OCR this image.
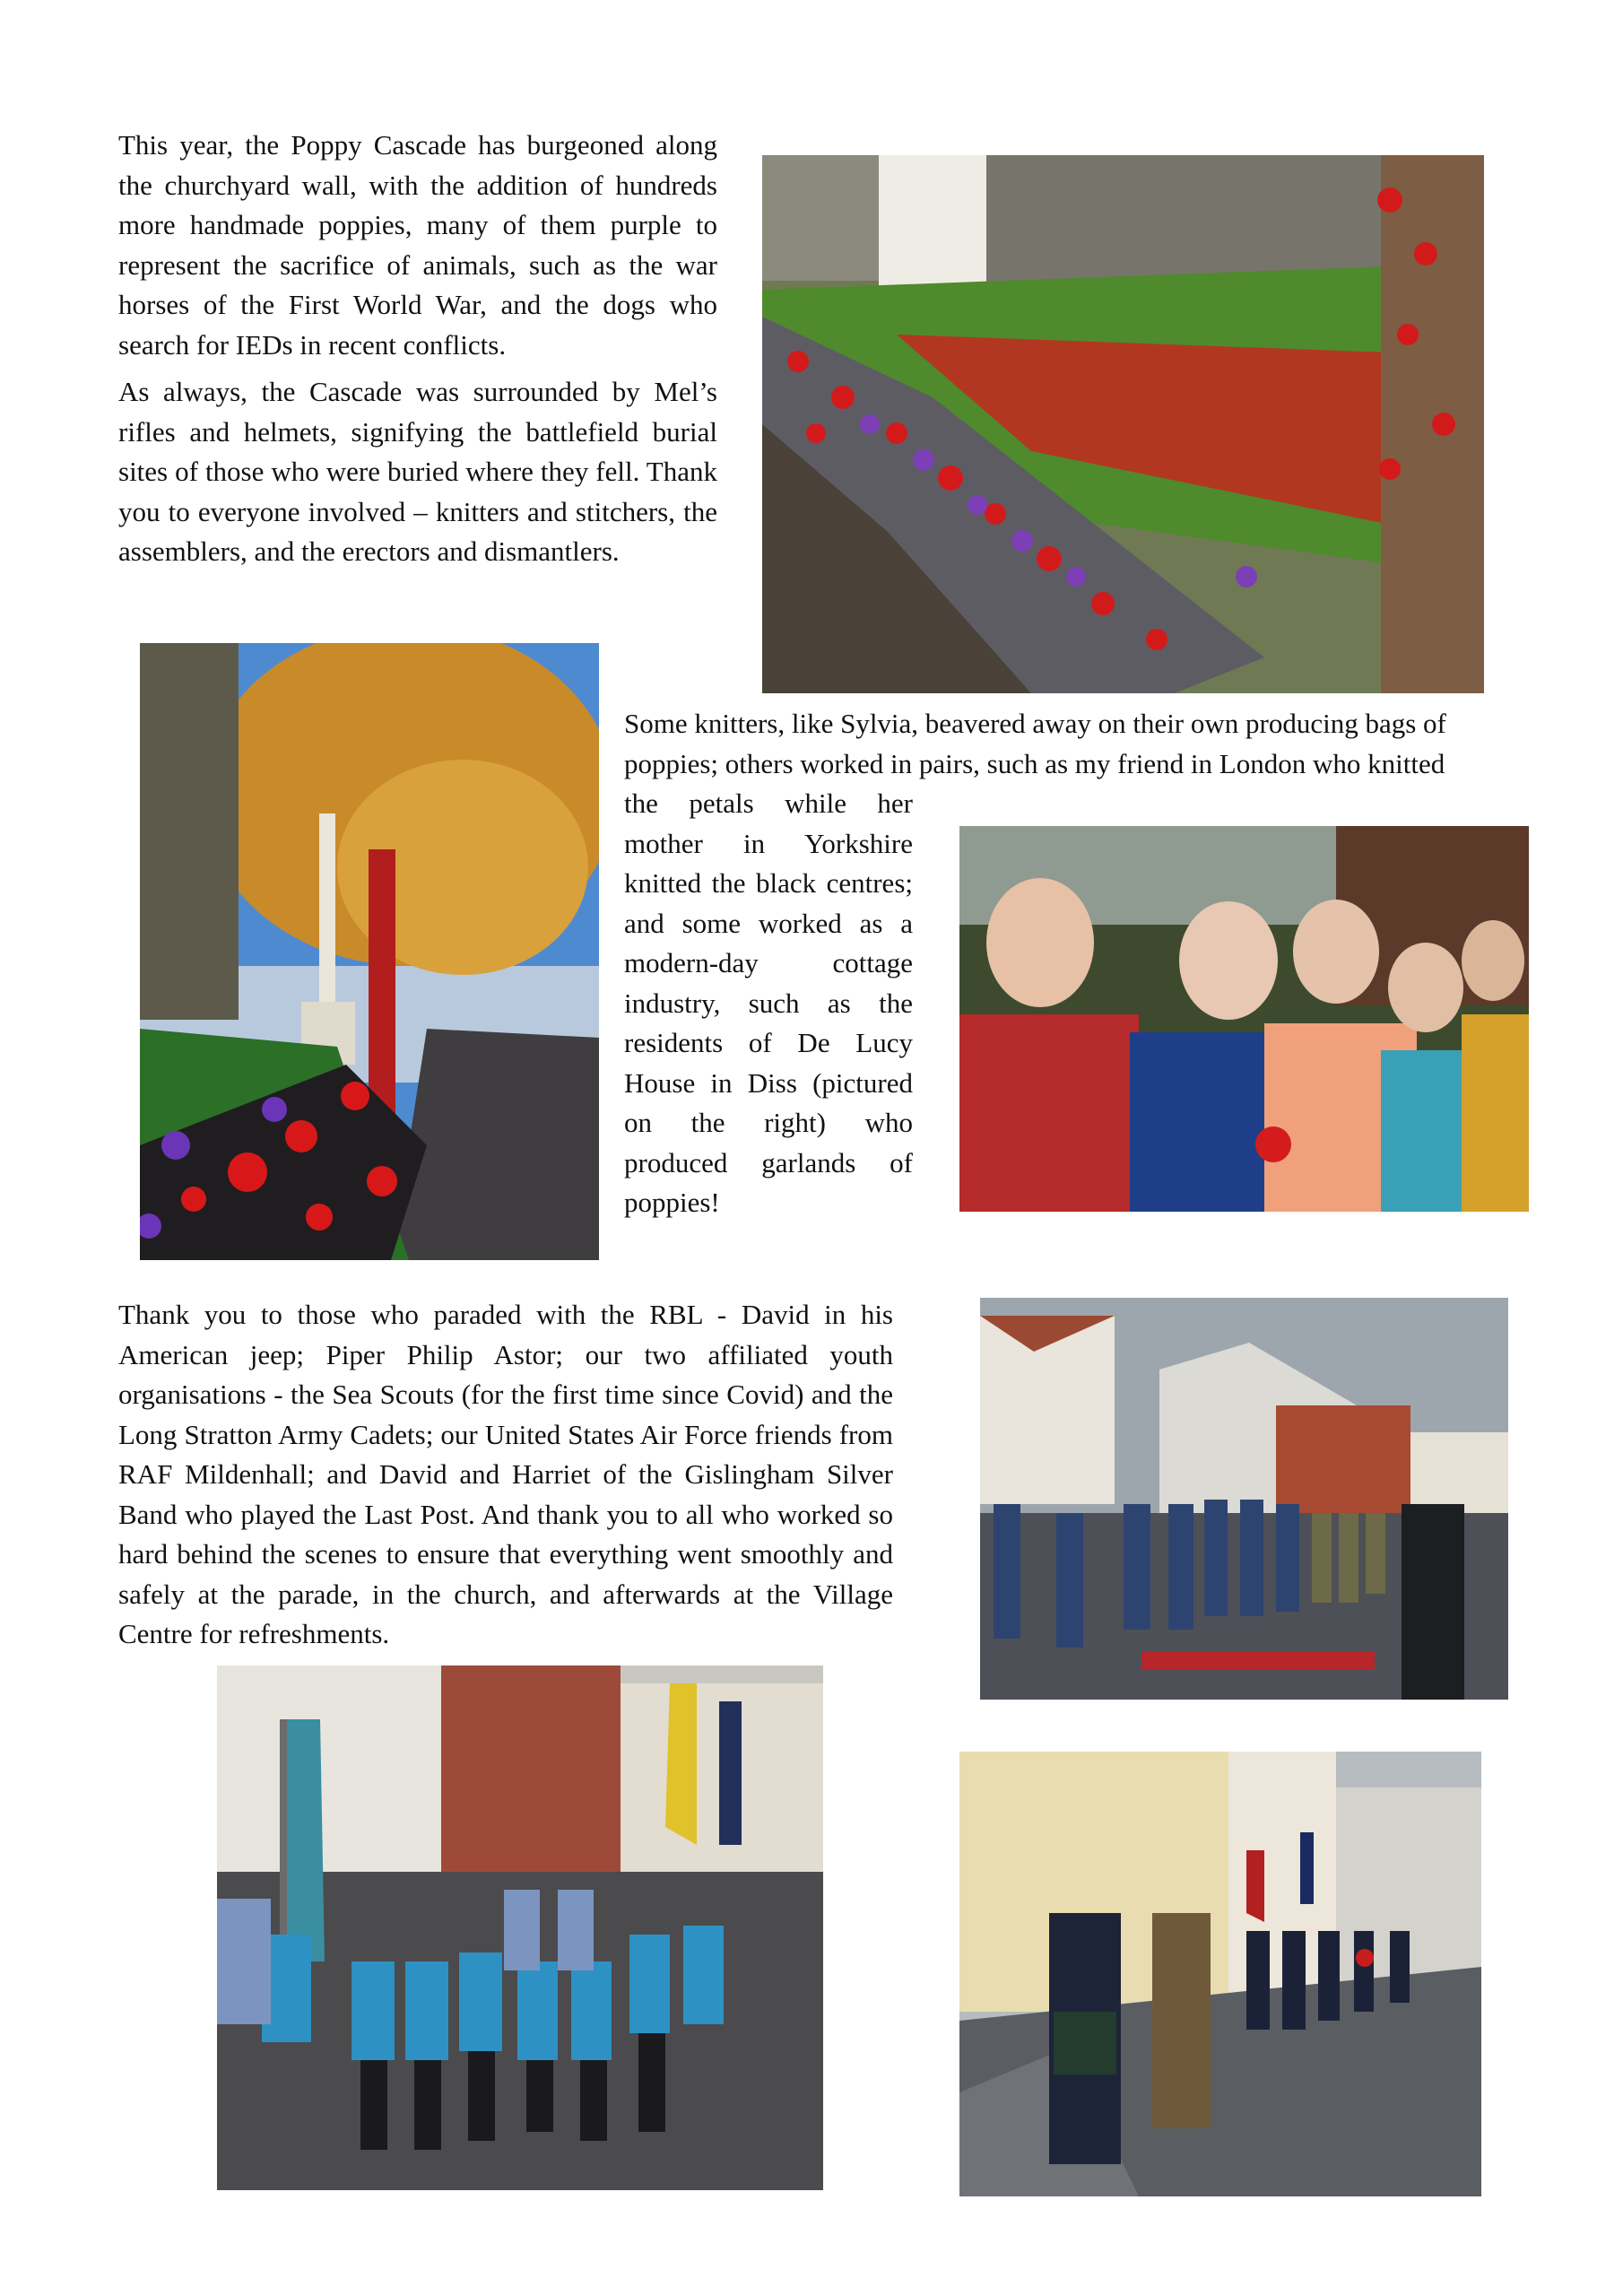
This year, the Poppy Cascade has burgeoned along the churchyard wall, with the addition of hundreds more handmade poppies, many of them purple to represent the sacrifice of animals, such as the war horses of the First World War, and the dogs who search for IEDs in recent conflicts.

As always, the Cascade was surrounded by Mel’s rifles and helmets, signifying the battlefield burial sites of those who were buried where they fell. Thank you to everyone involved – knitters and stitchers, the assemblers, and the erectors and dismantlers.

Some knitters, like Sylvia, beavered away on their own producing bags of
poppies; others worked in pairs, such as my friend in London who knitted
the petals while her mother in Yorkshire knitted the black centres; and some worked as a modern-day cottage industry, such as the residents of De Lucy House in Diss (pictured on the right) who produced garlands of poppies!
Thank you to those who paraded with the RBL - David in his American jeep; Piper Philip Astor; our two affiliated youth organisations - the Sea Scouts (for the first time since Covid) and the Long Stratton Army Cadets; our United States Air Force friends from RAF Mildenhall; and David and Harriet of the Gislingham Silver Band who played the Last Post. And thank you to all who worked so hard behind the scenes to ensure that everything went smoothly and safely at the parade, in the church, and afterwards at the Village Centre for refreshments.
